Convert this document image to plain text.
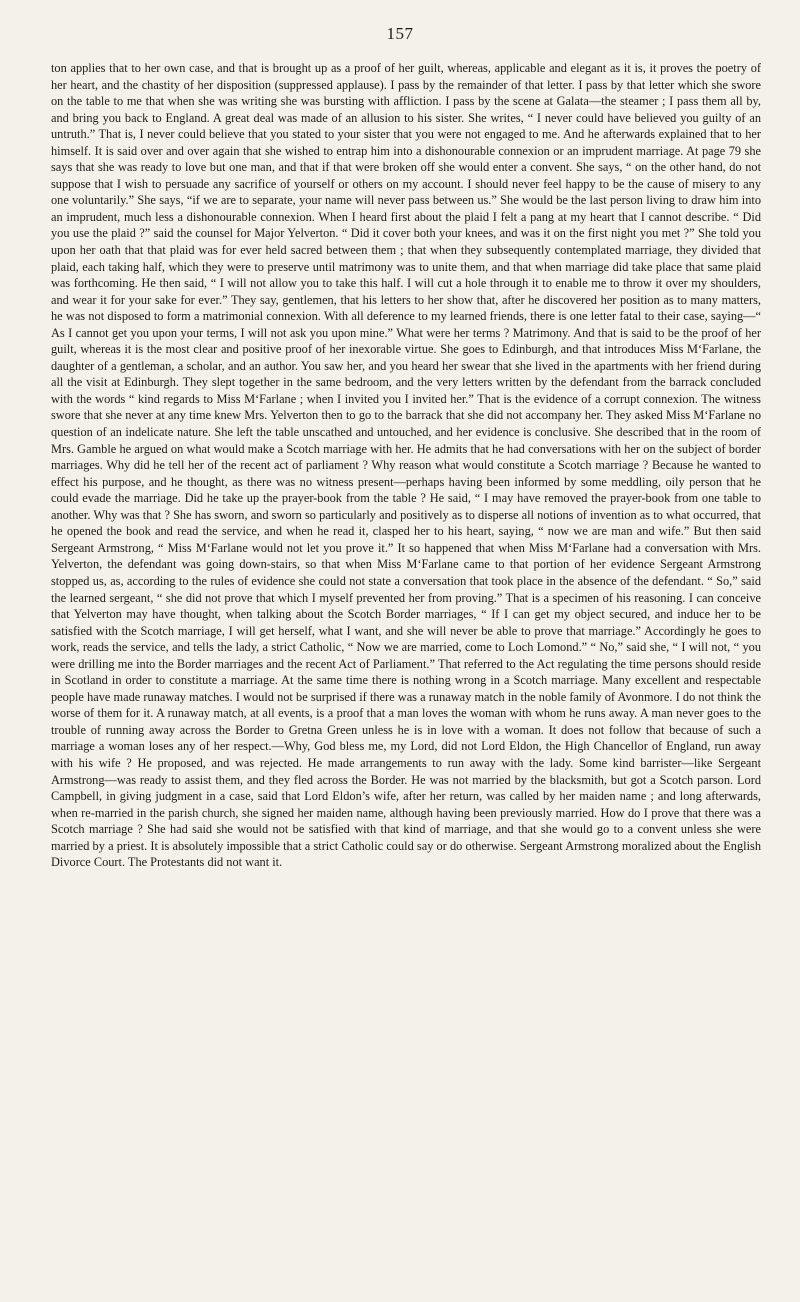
157

ton applies that to her own case, and that is brought up as a proof of her guilt, whereas, applicable and elegant as it is, it proves the poetry of her heart, and the chastity of her disposition (suppressed applause). I pass by the remainder of that letter. I pass by that letter which she swore on the table to me that when she was writing she was bursting with affliction. I pass by the scene at Galata—the steamer ; I pass them all by, and bring you back to England. A great deal was made of an allusion to his sister. She writes, “ I never could have believed you guilty of an untruth.” That is, I never could believe that you stated to your sister that you were not engaged to me. And he afterwards explained that to her himself. It is said over and over again that she wished to entrap him into a dishonourable connexion or an imprudent marriage. At page 79 she says that she was ready to love but one man, and that if that were broken off she would enter a convent. She says, “ on the other hand, do not suppose that I wish to persuade any sacrifice of yourself or others on my account. I should never feel happy to be the cause of misery to any one voluntarily.” She says, “if we are to separate, your name will never pass between us.” She would be the last person living to draw him into an imprudent, much less a dishonourable connexion. When I heard first about the plaid I felt a pang at my heart that I cannot describe. “ Did you use the plaid ?” said the counsel for Major Yelverton. “ Did it cover both your knees, and was it on the first night you met ?” She told you upon her oath that that plaid was for ever held sacred between them ; that when they subsequently contemplated marriage, they divided that plaid, each taking half, which they were to preserve until matrimony was to unite them, and that when marriage did take place that same plaid was forthcoming. He then said, “ I will not allow you to take this half. I will cut a hole through it to enable me to throw it over my shoulders, and wear it for your sake for ever.” They say, gentlemen, that his letters to her show that, after he discovered her position as to many matters, he was not disposed to form a matrimonial connexion. With all deference to my learned friends, there is one letter fatal to their case, saying—“ As I cannot get you upon your terms, I will not ask you upon mine.” What were her terms ? Matrimony. And that is said to be the proof of her guilt, whereas it is the most clear and positive proof of her inexorable virtue. She goes to Edinburgh, and that introduces Miss M‘Farlane, the daughter of a gentleman, a scholar, and an author. You saw her, and you heard her swear that she lived in the apartments with her friend during all the visit at Edinburgh. They slept together in the same bedroom, and the very letters written by the defendant from the barrack concluded with the words “ kind regards to Miss M‘Farlane ; when I invited you I invited her.” That is the evidence of a corrupt connexion. The witness swore that she never at any time knew Mrs. Yelverton then to go to the barrack that she did not accompany her. They asked Miss M‘Farlane no question of an indelicate nature. She left the table unscathed and untouched, and her evidence is conclusive. She described that in the room of Mrs. Gamble he argued on what would make a Scotch marriage with her. He admits that he had conversations with her on the subject of border marriages. Why did he tell her of the recent act of parliament ? Why reason what would constitute a Scotch marriage ? Because he wanted to effect his purpose, and he thought, as there was no witness present—perhaps having been informed by some meddling, oily person that he could evade the marriage. Did he take up the prayer-book from the table ? He said, “ I may have removed the prayer-book from one table to another. Why was that ? She has sworn, and sworn so particularly and positively as to disperse all notions of invention as to what occurred, that he opened the book and read the service, and when he read it, clasped her to his heart, saying, “ now we are man and wife.” But then said Sergeant Armstrong, “ Miss M‘Farlane would not let you prove it.” It so happened that when Miss M‘Farlane had a conversation with Mrs. Yelverton, the defendant was going down-stairs, so that when Miss M‘Farlane came to that portion of her evidence Sergeant Armstrong stopped us, as, according to the rules of evidence she could not state a conversation that took place in the absence of the defendant. “ So,” said the learned sergeant, “ she did not prove that which I myself prevented her from proving.” That is a specimen of his reasoning. I can conceive that Yelverton may have thought, when talking about the Scotch Border marriages, “ If I can get my object secured, and induce her to be satisfied with the Scotch marriage, I will get herself, what I want, and she will never be able to prove that marriage.” Accordingly he goes to work, reads the service, and tells the lady, a strict Catholic, “ Now we are married, come to Loch Lomond.” “ No,” said she, “ I will not, “ you were drilling me into the Border marriages and the recent Act of Parliament.” That referred to the Act regulating the time persons should reside in Scotland in order to constitute a marriage. At the same time there is nothing wrong in a Scotch marriage. Many excellent and respectable people have made runaway matches. I would not be surprised if there was a runaway match in the noble family of Avonmore. I do not think the worse of them for it. A runaway match, at all events, is a proof that a man loves the woman with whom he runs away. A man never goes to the trouble of running away across the Border to Gretna Green unless he is in love with a woman. It does not follow that because of such a marriage a woman loses any of her respect.—Why, God bless me, my Lord, did not Lord Eldon, the High Chancellor of England, run away with his wife ? He proposed, and was rejected. He made arrangements to run away with the lady. Some kind barrister—like Sergeant Armstrong—was ready to assist them, and they fled across the Border. He was not married by the blacksmith, but got a Scotch parson. Lord Campbell, in giving judgment in a case, said that Lord Eldon’s wife, after her return, was called by her maiden name ; and long afterwards, when re-married in the parish church, she signed her maiden name, although having been previously married. How do I prove that there was a Scotch marriage ? She had said she would not be satisfied with that kind of marriage, and that she would go to a convent unless she were married by a priest. It is absolutely impossible that a strict Catholic could say or do otherwise. Sergeant Armstrong moralized about the English Divorce Court. The Protestants did not want it.
